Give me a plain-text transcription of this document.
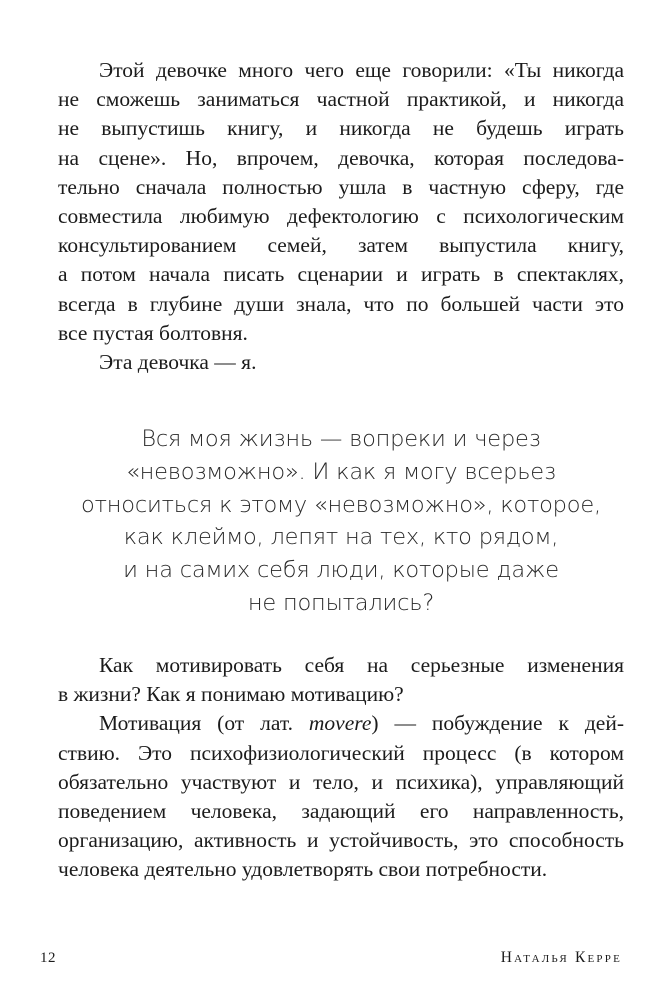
Этой девочке много чего еще говорили: «Ты никогда
не сможешь заниматься частной практикой, и никогда
не выпустишь книгу, и никогда не будешь играть
на сцене». Но, впрочем, девочка, которая последова-
тельно сначала полностью ушла в частную сферу, где
совместила любимую дефектологию с психологическим
консультированием семей, затем выпустила книгу,
а потом начала писать сценарии и играть в спектаклях,
всегда в глубине души знала, что по большей части это
все пустая болтовня.
Эта девочка — я.
Вся моя жизнь — вопреки и через
«невозможно». И как я могу всерьез
относиться к этому «невозможно», которое,
как клеймо, лепят на тех, кто рядом,
и на самих себя люди, которые даже
не попытались?
Как мотивировать себя на серьезные изменения
в жизни? Как я понимаю мотивацию?
Мотивация (от лат. movere) — побуждение к дей-
ствию. Это психофизиологический процесс (в котором
обязательно участвуют и тело, и психика), управляющий
поведением человека, задающий его направленность,
организацию, активность и устойчивость, это способность
человека деятельно удовлетворять свои потребности.
12	Наталья Керре
